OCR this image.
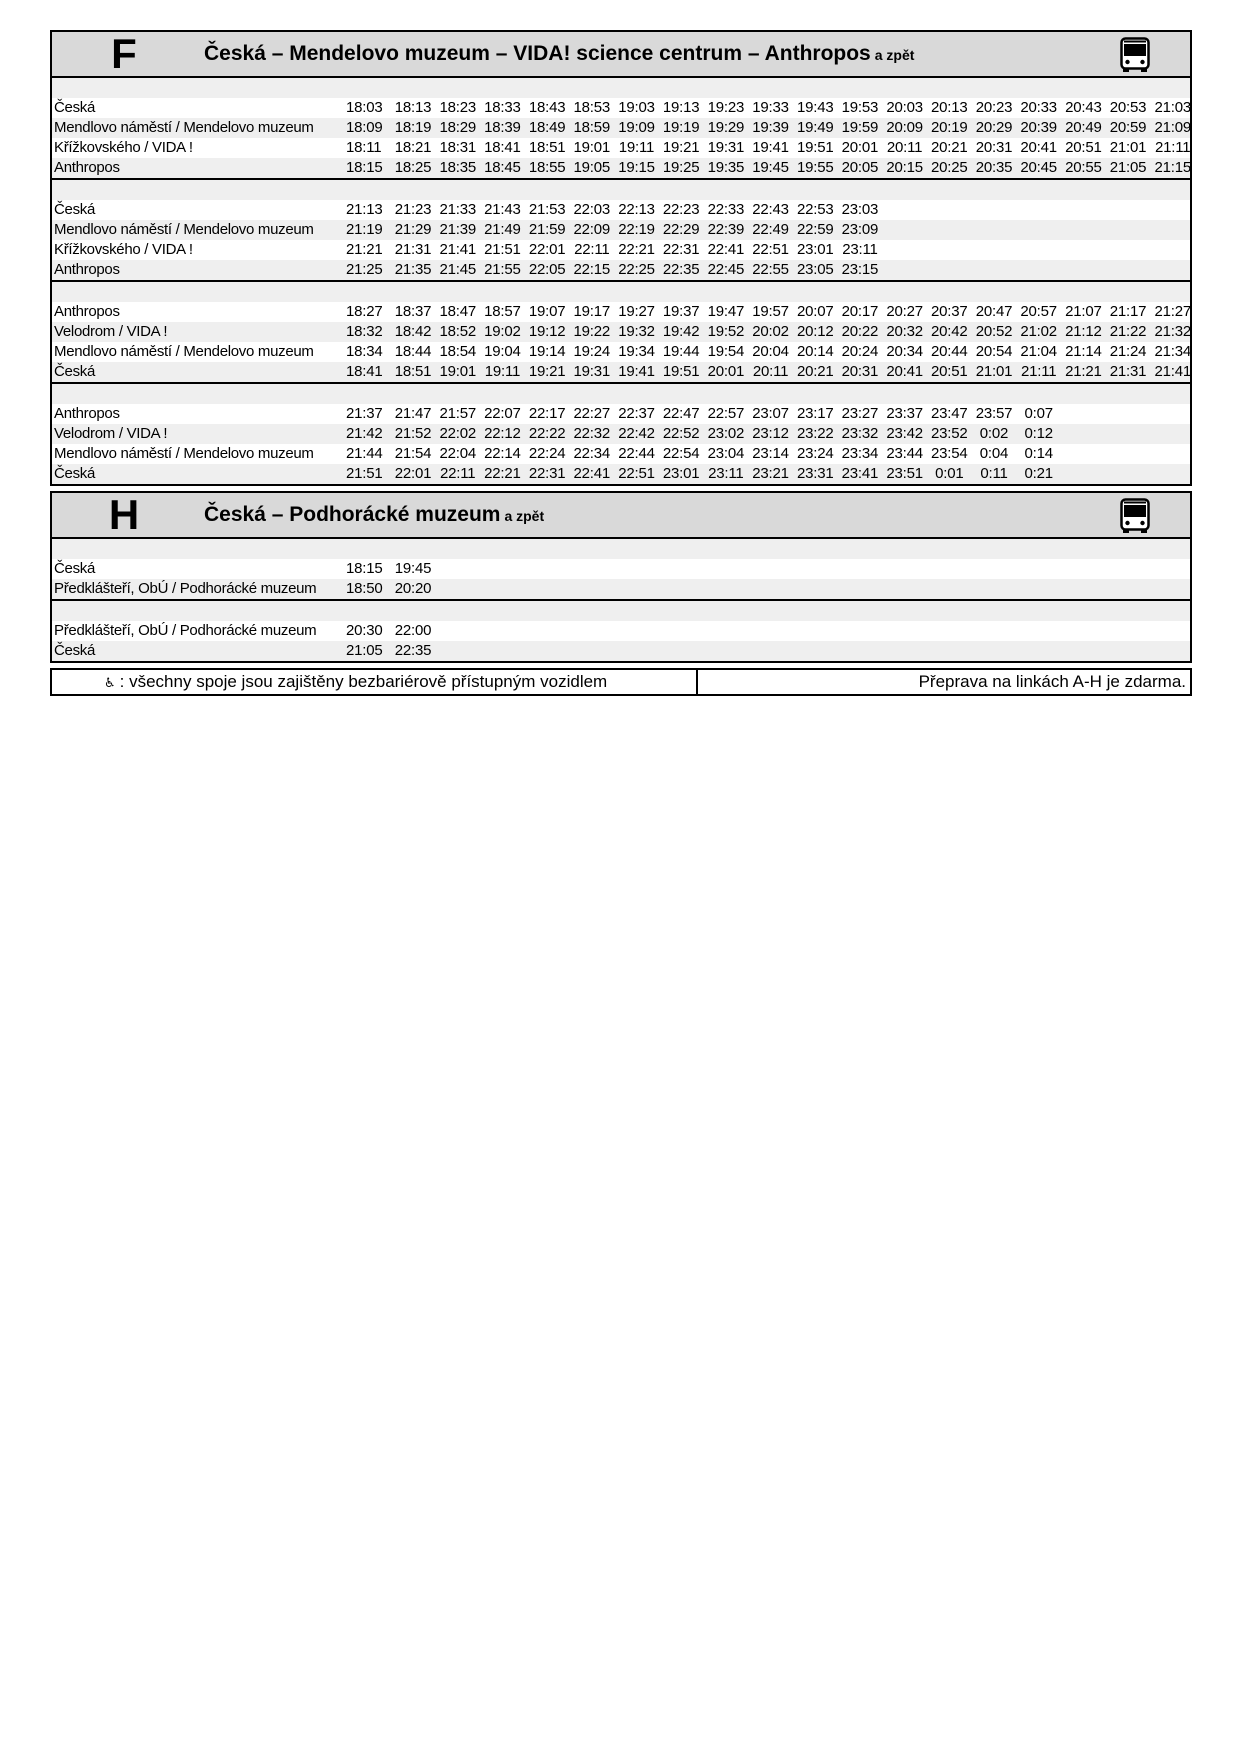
F	Česká – Mendelovo muzeum – VIDA! science centrum – Anthropos a zpět
Česká	18:03 18:13 18:23 18:33 18:43 18:53 19:03 19:13 19:23 19:33 19:43 19:53 20:03 20:13 20:23 20:33 20:43 20:53 21:03
Mendlovo náměstí / Mendelovo muzeum	18:09 18:19 18:29 18:39 18:49 18:59 19:09 19:19 19:29 19:39 19:49 19:59 20:09 20:19 20:29 20:39 20:49 20:59 21:09
Křížkovského / VIDA !	18:11 18:21 18:31 18:41 18:51 19:01 19:11 19:21 19:31 19:41 19:51 20:01 20:11 20:21 20:31 20:41 20:51 21:01 21:11
Anthropos	18:15 18:25 18:35 18:45 18:55 19:05 19:15 19:25 19:35 19:45 19:55 20:05 20:15 20:25 20:35 20:45 20:55 21:05 21:15
Česká	21:13 21:23 21:33 21:43 21:53 22:03 22:13 22:23 22:33 22:43 22:53 23:03
Mendlovo náměstí / Mendelovo muzeum	21:19 21:29 21:39 21:49 21:59 22:09 22:19 22:29 22:39 22:49 22:59 23:09
Křížkovského / VIDA !	21:21 21:31 21:41 21:51 22:01 22:11 22:21 22:31 22:41 22:51 23:01 23:11
Anthropos	21:25 21:35 21:45 21:55 22:05 22:15 22:25 22:35 22:45 22:55 23:05 23:15
Anthropos	18:27 18:37 18:47 18:57 19:07 19:17 19:27 19:37 19:47 19:57 20:07 20:17 20:27 20:37 20:47 20:57 21:07 21:17 21:27
Velodrom / VIDA !	18:32 18:42 18:52 19:02 19:12 19:22 19:32 19:42 19:52 20:02 20:12 20:22 20:32 20:42 20:52 21:02 21:12 21:22 21:32
Mendlovo náměstí / Mendelovo muzeum	18:34 18:44 18:54 19:04 19:14 19:24 19:34 19:44 19:54 20:04 20:14 20:24 20:34 20:44 20:54 21:04 21:14 21:24 21:34
Česká	18:41 18:51 19:01 19:11 19:21 19:31 19:41 19:51 20:01 20:11 20:21 20:31 20:41 20:51 21:01 21:11 21:21 21:31 21:41
Anthropos	21:37 21:47 21:57 22:07 22:17 22:27 22:37 22:47 22:57 23:07 23:17 23:27 23:37 23:47 23:57 0:07
Velodrom / VIDA !	21:42 21:52 22:02 22:12 22:22 22:32 22:42 22:52 23:02 23:12 23:22 23:32 23:42 23:52 0:02	0:12
Mendlovo náměstí / Mendelovo muzeum	21:44 21:54 22:04 22:14 22:24 22:34 22:44 22:54 23:04 23:14 23:24 23:34 23:44 23:54 0:04	0:14
Česká	21:51 22:01 22:11 22:21 22:31 22:41 22:51 23:01 23:11 23:21 23:31 23:41 23:51 0:01	0:11	0:21
H	Česká – Podhorácké muzeum a zpět
Česká	18:15 19:45
Předklášteří, ObÚ / Podhorácké muzeum	18:50 20:20
Předklášteří, ObÚ / Podhorácké muzeum	20:30 22:00
Česká	21:05 22:35
♿ : všechny spoje jsou zajištěny bezbariérově přístupným vozidlem	Přeprava na linkách A-H je zdarma.
